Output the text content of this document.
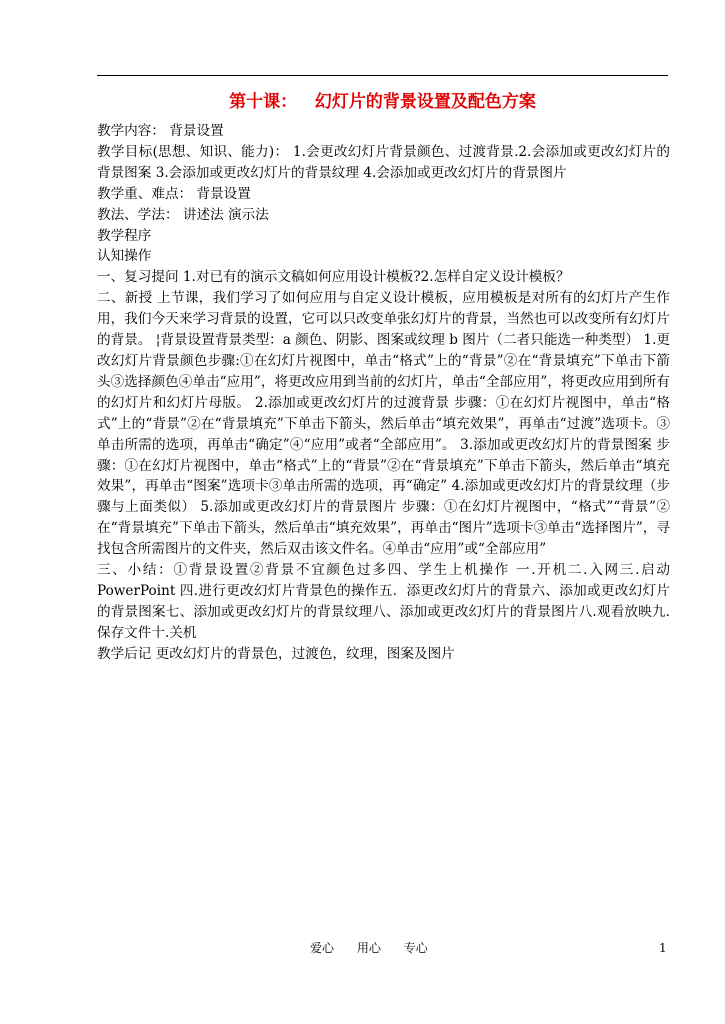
第十课：   幻灯片的背景设置及配色方案

教学内容： 背景设置

教学目标(思想、知识、能力)： 1.会更改幻灯片背景颜色、过渡背景.2.会添加或更改幻灯片的背景图案 3.会添加或更改幻灯片的背景纹理 4.会添加或更改幻灯片的背景图片

教学重、难点： 背景设置

教法、学法： 讲述法 演示法

教学程序

认知操作

一、复习提问 1.对已有的演示文稿如何应用设计模板?2.怎样自定义设计模板？

二、新授 上节课，我们学习了如何应用与自定义设计模板，应用模板是对所有的幻灯片产生作用，我们今天来学习背景的设置，它可以只改变单张幻灯片的背景，当然也可以改变所有幻灯片的背景。 ¦背景设置背景类型：a 颜色、阴影、图案或纹理 b 图片（二者只能选一种类型） 1.更改幻灯片背景颜色步骤:①在幻灯片视图中，单击“格式”上的“背景”②在“背景填充”下单击下箭头③选择颜色④单击“应用”，将更改应用到当前的幻灯片，单击“全部应用”，将更改应用到所有的幻灯片和幻灯片母版。 2.添加或更改幻灯片的过渡背景 步骤：①在幻灯片视图中，单击“格式”上的“背景”②在“背景填充”下单击下箭头，然后单击“填充效果”，再单击“过渡”选项卡。③单击所需的选项，再单击“确定”④“应用”或者“全部应用”。 3.添加或更改幻灯片的背景图案 步骤：①在幻灯片视图中，单击“格式”上的“背景”②在“背景填充”下单击下箭头，然后单击“填充效果”，再单击“图案”选项卡③单击所需的选项，再“确定” 4.添加或更改幻灯片的背景纹理（步骤与上面类似） 5.添加或更改幻灯片的背景图片 步骤：①在幻灯片视图中，“格式”“背景”②在“背景填充”下单击下箭头，然后单击“填充效果”，再单击“图片”选项卡③单击“选择图片”，寻找包含所需图片的文件夹，然后双击该文件名。④单击“应用”或“全部应用”

三、小结：①背景设置②背景不宜颜色过多四、学生上机操作 一.开机二.入网三.启动 PowerPoint 四.进行更改幻灯片背景色的操作五．添更改幻灯片的背景六、添加或更改幻灯片的背景图案七、添加或更改幻灯片的背景纹理八、添加或更改幻灯片的背景图片八.观看放映九.保存文件十.关机

教学后记 更改幻灯片的背景色，过渡色，纹理，图案及图片

爱心      用心      专心	1
